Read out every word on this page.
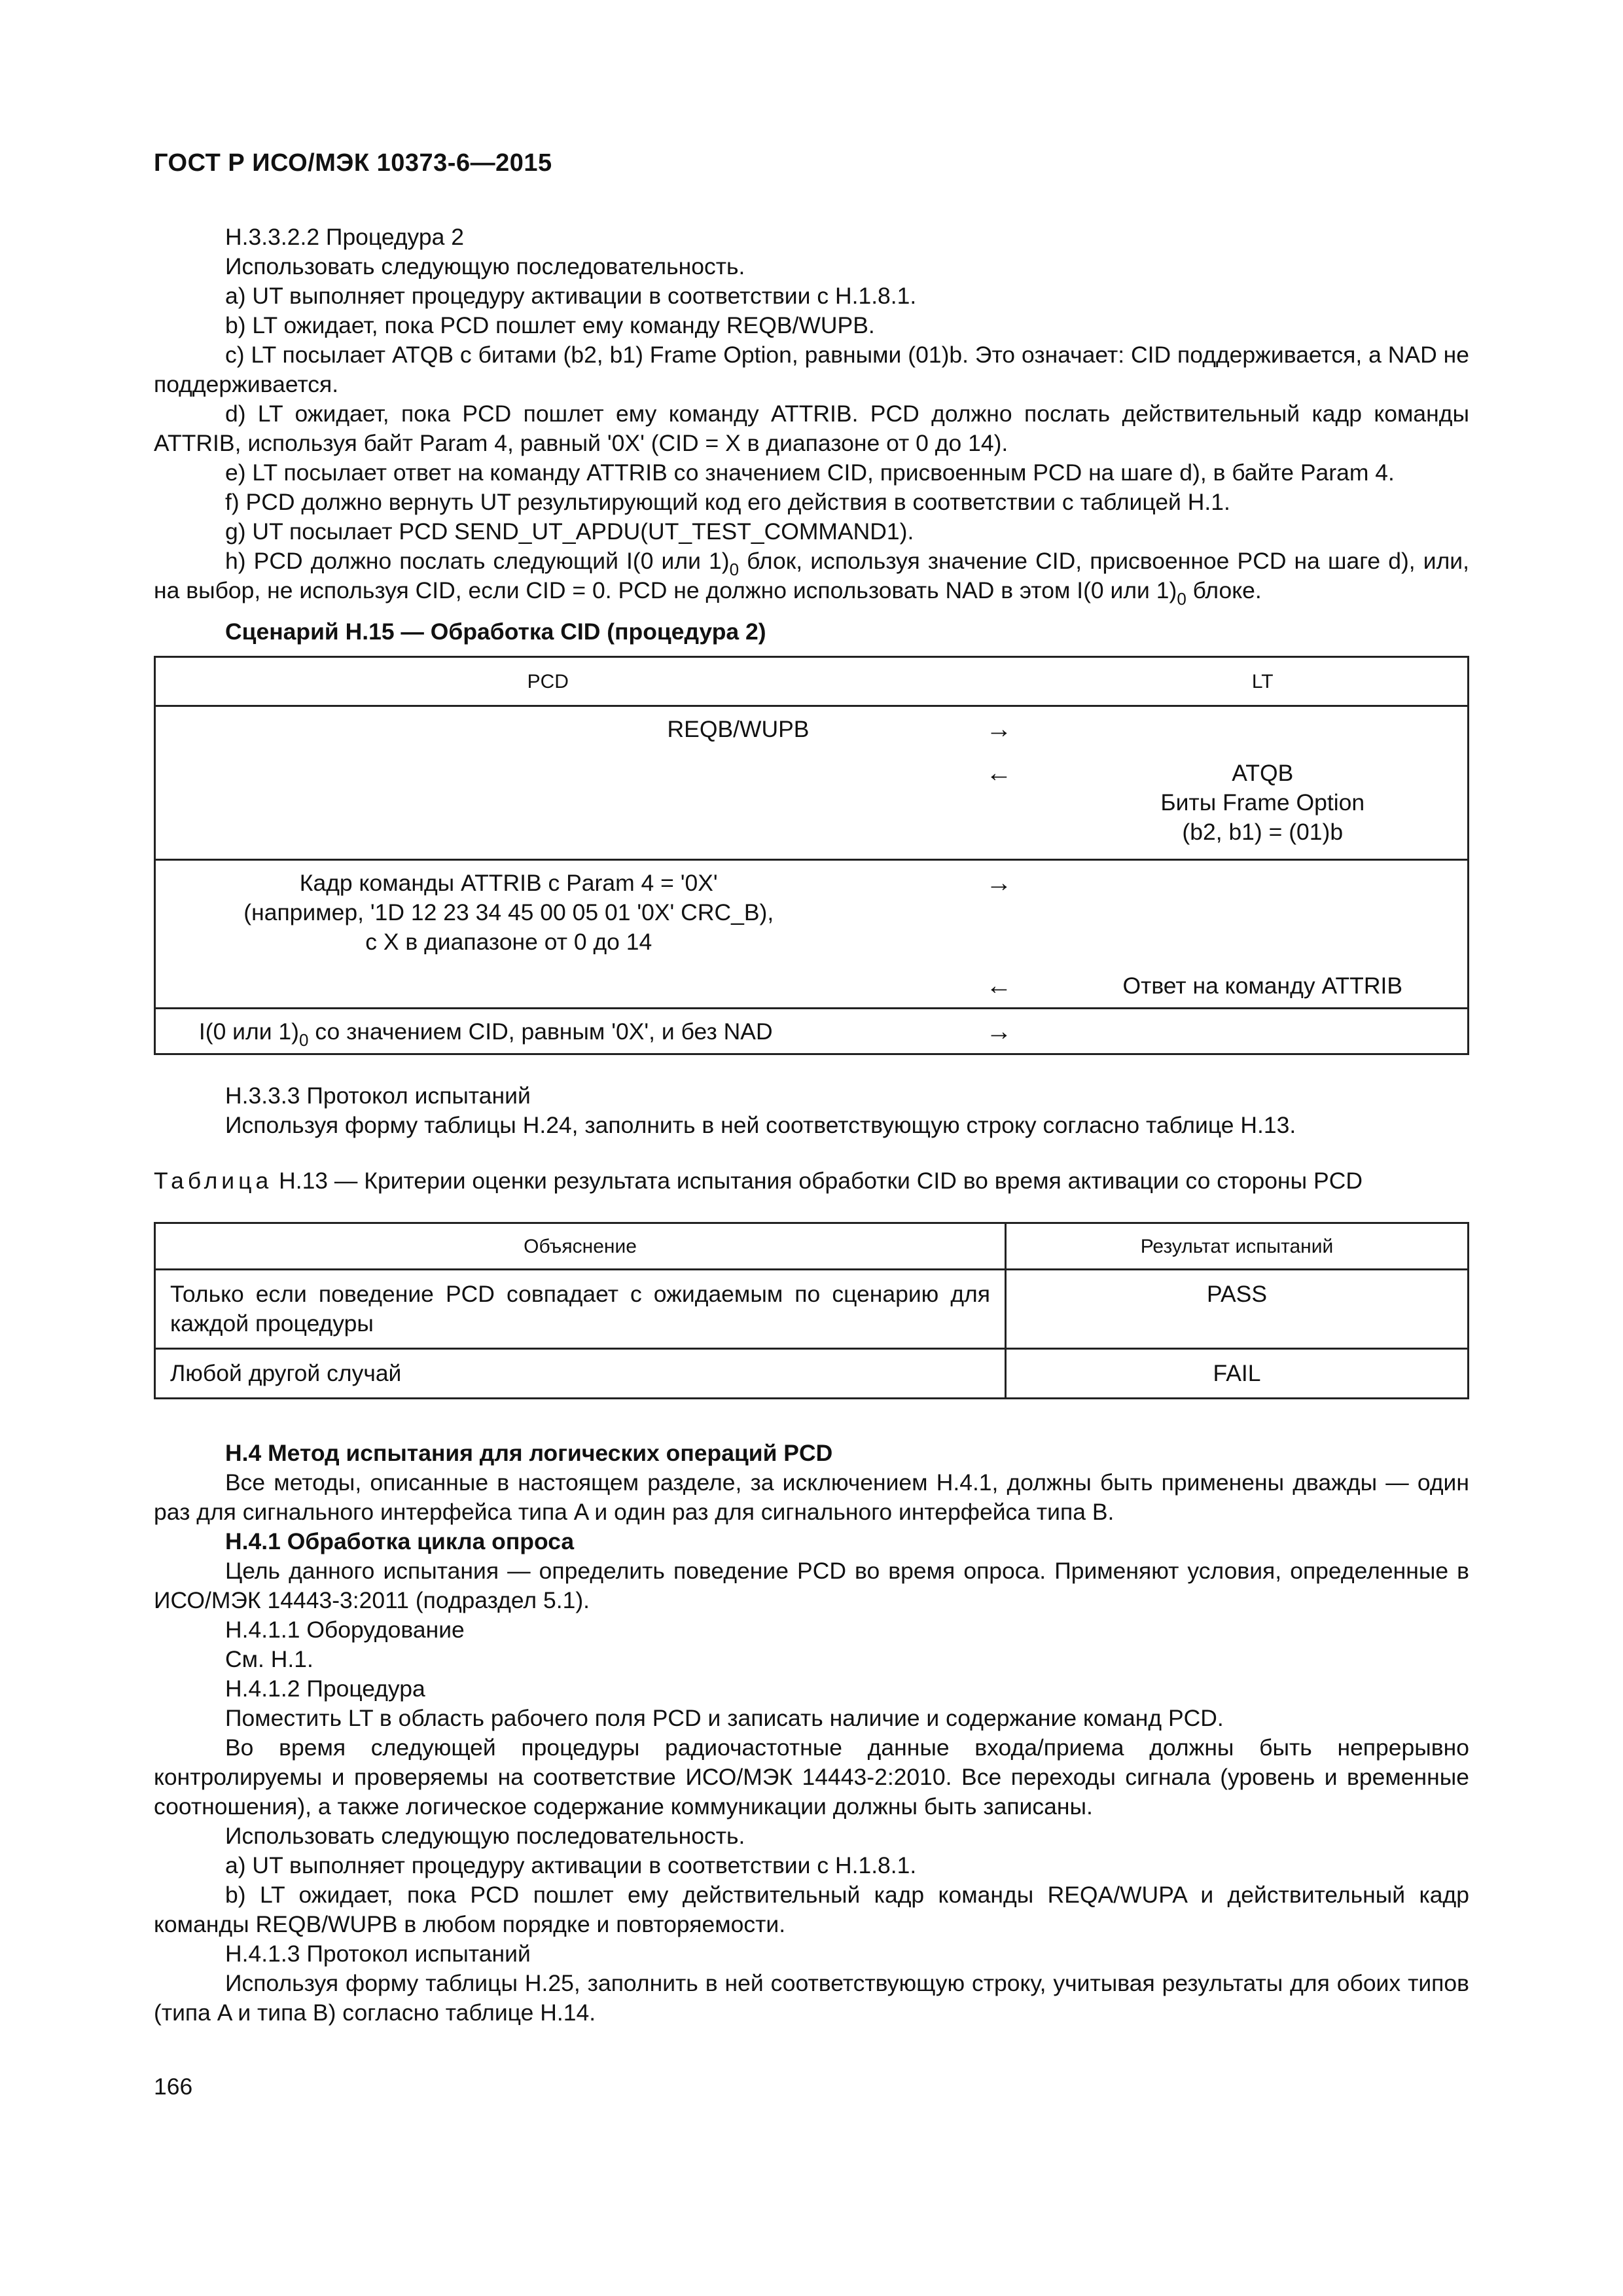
ГОСТ Р ИСО/МЭК 10373-6—2015

H.3.3.2.2 Процедура 2

Использовать следующую последовательность.

a) UT выполняет процедуру активации в соответствии с H.1.8.1.

b) LT ожидает, пока PCD пошлет ему команду REQB/WUPB.

c) LT посылает ATQB с битами (b2, b1) Frame Option, равными (01)b. Это означает: CID поддерживается, а NAD не поддерживается.

d) LT ожидает, пока PCD пошлет ему команду ATTRIB. PCD должно послать действительный кадр команды ATTRIB, используя байт Param 4, равный '0X' (CID = X в диапазоне от 0 до 14).

e) LT посылает ответ на команду ATTRIB со значением CID, присвоенным PCD на шаге d), в байте Param 4.

f) PCD должно вернуть UT результирующий код его действия в соответствии с таблицей H.1.

g) UT посылает PCD SEND_UT_APDU(UT_TEST_COMMAND1).

h) PCD должно послать следующий I(0 или $1)_0$ блок, используя значение CID, присвоенное PCD на шаге d), или, на выбор, не используя CID, если CID = 0. PCD не должно использовать NAD в этом I(0 или $1)_0$ блоке.

Сценарий H.15 — Обработка CID (процедура 2)

PCD		LT
REQB/WUPB	→	
	←	ATQB
Биты Frame Option
(b2, b1) = (01)b

Кадр команды ATTRIB с Param 4 = '0X'
(например, '1D 12 23 34 45 00 05 01 '0X' CRC_B),
с X в диапазоне от 0 до 14	→	
	←	Ответ на команду ATTRIB
I(0 или $1)_0$ со значением CID, равным '0X', и без NAD	→	

H.3.3.3 Протокол испытаний

Используя форму таблицы H.24, заполнить в ней соответствующую строку согласно таблице H.13.

Таблица H.13 — Критерии оценки результата испытания обработки CID во время активации со стороны PCD

Объяснение	Результат испытаний
Только если поведение PCD совпадает с ожидаемым по сценарию для каждой процедуры	PASS
Любой другой случай	FAIL

H.4 Метод испытания для логических операций PCD

Все методы, описанные в настоящем разделе, за исключением H.4.1, должны быть применены дважды — один раз для сигнального интерфейса типа A и один раз для сигнального интерфейса типа B.

H.4.1 Обработка цикла опроса

Цель данного испытания — определить поведение PCD во время опроса. Применяют условия, определенные в ИСО/МЭК 14443-3:2011 (подраздел 5.1).

H.4.1.1 Оборудование

См. H.1.

H.4.1.2 Процедура

Поместить LT в область рабочего поля PCD и записать наличие и содержание команд PCD.

Во время следующей процедуры радиочастотные данные входа/приема должны быть непрерывно контролируемы и проверяемы на соответствие ИСО/МЭК 14443-2:2010. Все переходы сигнала (уровень и временные соотношения), а также логическое содержание коммуникации должны быть записаны.

Использовать следующую последовательность.

a) UT выполняет процедуру активации в соответствии с H.1.8.1.

b) LT ожидает, пока PCD пошлет ему действительный кадр команды REQA/WUPA и действительный кадр команды REQB/WUPB в любом порядке и повторяемости.

H.4.1.3 Протокол испытаний

Используя форму таблицы H.25, заполнить в ней соответствующую строку, учитывая результаты для обоих типов (типа A и типа B) согласно таблице H.14.

166
